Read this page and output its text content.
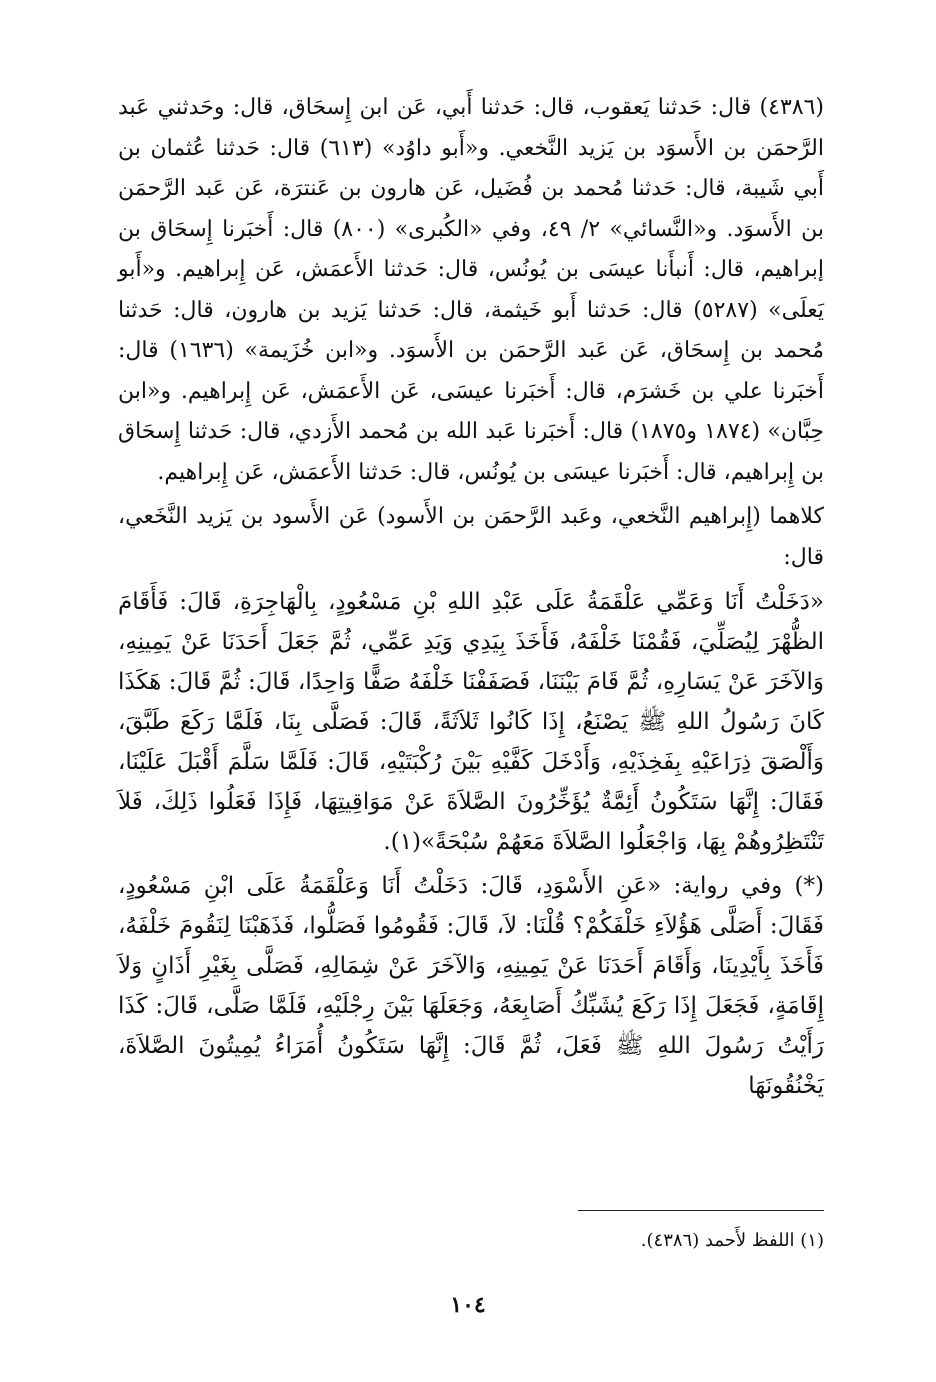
(٤٣٨٦) قال: حَدثنا يَعقوب، قال: حَدثنا أَبي، عَن ابن إِسحَاق، قال: وحَدثني عَبد الرَّحمَن بن الأَسوَد بن يَزيد النَّخعي. و«أَبو داوُد» (٦١٣) قال: حَدثنا عُثمان بن أَبي شَيبة، قال: حَدثنا مُحمد بن فُضَيل، عَن هارون بن عَنترَة، عَن عَبد الرَّحمَن بن الأَسوَد. و«النَّسائي» ٢/ ٤٩، وفي «الكُبرى» (٨٠٠) قال: أَخبَرنا إِسحَاق بن إبراهيم، قال: أَنبأَنا عيسَى بن يُونُس، قال: حَدثنا الأَعمَش، عَن إِبراهيم. و«أَبو يَعلَى» (٥٢٨٧) قال: حَدثنا أَبو خَيثمة، قال: حَدثنا يَزيد بن هارون، قال: حَدثنا مُحمد بن إِسحَاق، عَن عَبد الرَّحمَن بن الأَسوَد. و«ابن خُزَيمة» (١٦٣٦) قال: أَخبَرنا علي بن خَشرَم، قال: أَخبَرنا عيسَى، عَن الأَعمَش، عَن إِبراهيم. و«ابن حِبَّان» (١٨٧٤ و١٨٧٥) قال: أَخبَرنا عَبد الله بن مُحمد الأَزدي، قال: حَدثنا إِسحَاق بن إِبراهيم، قال: أَخبَرنا عيسَى بن يُونُس، قال: حَدثنا الأَعمَش، عَن إِبراهيم.

كلاهما (إِبراهيم النَّخعي، وعَبد الرَّحمَن بن الأَسود) عَن الأَسود بن يَزيد النَّخَعي، قال:

«دَخَلْتُ أَنَا وَعَمِّي عَلْقَمَةُ عَلَى عَبْدِ اللهِ بْنِ مَسْعُودٍ، بِالْهَاجِرَةِ، قَالَ: فَأَقَامَ الظُّهْرَ لِيُصَلِّيَ، فَقُمْنَا خَلْفَهُ، فَأَخَذَ بِيَدِي وَيَدِ عَمِّي، ثُمَّ جَعَلَ أَحَدَنَا عَنْ يَمِينِهِ، وَالآخَرَ عَنْ يَسَارِهِ، ثُمَّ قَامَ بَيْنَنَا، فَصَفَفْنَا خَلْفَهُ صَفًّا وَاحِدًا، قَالَ: ثُمَّ قَالَ: هَكَذَا كَانَ رَسُولُ اللهِ ﷺ يَصْنَعُ، إِذَا كَانُوا ثَلاَثَةً، قَالَ: فَصَلَّى بِنَا، فَلَمَّا رَكَعَ طَبَّقَ، وَأَلْصَقَ ذِرَاعَيْهِ بِفَخِذَيْهِ، وَأَدْخَلَ كَفَّيْهِ بَيْنَ رُكْبَتَيْهِ، قَالَ: فَلَمَّا سَلَّمَ أَقْبَلَ عَلَيْنَا، فَقَالَ: إِنَّهَا سَتَكُونُ أَئِمَّةٌ يُؤَخِّرُونَ الصَّلاَةَ عَنْ مَوَاقِيتِهَا، فَإِذَا فَعَلُوا ذَلِكَ، فَلاَ تَنْتَظِرُوهُمْ بِهَا، وَاجْعَلُوا الصَّلاَةَ مَعَهُمْ سُبْحَةً»(١).

(*) وفي رواية: «عَنِ الأَسْوَدِ، قَالَ: دَخَلْتُ أَنَا وَعَلْقَمَةُ عَلَى ابْنِ مَسْعُودٍ، فَقَالَ: أَصَلَّى هَؤُلاَءِ خَلْفَكُمْ؟ قُلْنَا: لاَ، قَالَ: فَقُومُوا فَصَلُّوا، فَذَهَبْنَا لِنَقُومَ خَلْفَهُ، فَأَخَذَ بِأَيْدِينَا، وَأَقَامَ أَحَدَنَا عَنْ يَمِينِهِ، وَالآخَرَ عَنْ شِمَالِهِ، فَصَلَّى بِغَيْرِ أَذَانٍ وَلاَ إِقَامَةٍ، فَجَعَلَ إِذَا رَكَعَ يُشَبِّكُ أَصَابِعَهُ، وَجَعَلَهَا بَيْنَ رِجْلَيْهِ، فَلَمَّا صَلَّى، قَالَ: كَذَا رَأَيْتُ رَسُولَ اللهِ ﷺ فَعَلَ، ثُمَّ قَالَ: إِنَّهَا سَتَكُونُ أُمَرَاءُ يُمِيتُونَ الصَّلاَةَ، يَخْنُقُونَهَا

(١) اللفظ لأَحمد (٤٣٨٦).

١٠٤
